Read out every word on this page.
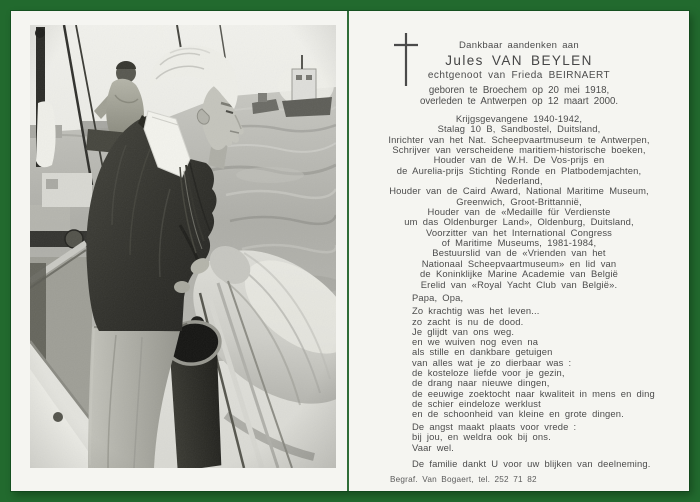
Dankbaar aandenken aan
Jules VAN BEYLEN
echtgenoot van Frieda BEIRNAERT
geboren te Broechem op 20 mei 1918,
overleden te Antwerpen op 12 maart 2000.
Krijgsgevangene 1940-1942,
Stalag 10 B, Sandbostel, Duitsland,
Inrichter van het Nat. Scheepvaartmuseum te Antwerpen,
Schrijver van verscheidene maritiem-historische boeken,
Houder van de W.H. De Vos-prijs en
de Aurelia-prijs Stichting Ronde en Platbodemjachten,
Nederland,
Houder van de Caird Award, National Maritime Museum,
Greenwich, Groot-Brittannië,
Houder van de «Medaille für Verdienste
um das Oldenburger Land», Oldenburg, Duitsland,
Voorzitter van het International Congress
of Maritime Museums, 1981-1984,
Bestuurslid van de «Vrienden van het
Nationaal Scheepvaartmuseum» en lid van
de Koninklijke Marine Academie van België
Erelid van «Royal Yacht Club van België».
Papa, Opa,
Zo krachtig was het leven...
zo zacht is nu de dood.
Je glijdt van ons weg.
en we wuiven nog even na
als stille en dankbare getuigen
van alles wat je zo dierbaar was :
de kosteloze liefde voor je gezin,
de drang naar nieuwe dingen,
de eeuwige zoektocht naar kwaliteit in mens en ding
de schier eindeloze werklust
en de schoonheid van kleine en grote dingen.
De angst maakt plaats voor vrede :
bij jou, en weldra ook bij ons.
Vaar wel.
De familie dankt U voor uw blijken van deelneming.
Begraf. Van Bogaert, tel. 252 71 82
